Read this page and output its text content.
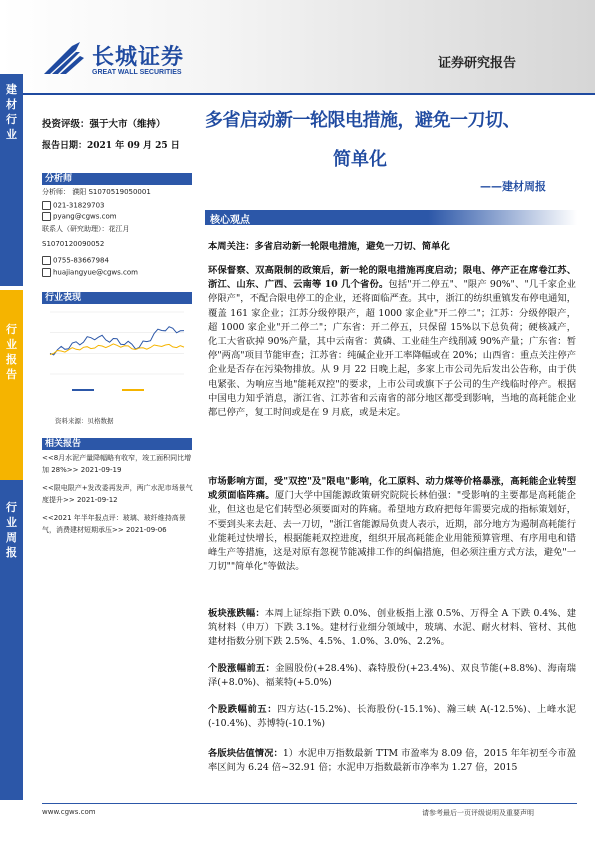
长城证券
GREAT WALL SECURITIES
证券研究报告
建材行业
行业报告
行业周报
投资评级：强于大市（维持）
报告日期：2021 年 09 月 25 日
分析师
分析师： 濮阳 S1070519050001
021-31829703
pyang@cgws.com
联系人（研究助理）：花江月
S1070120090052
0755-83667984
huajiangyue@cgws.com
行业表现
资料来源：贝格数据
相关报告
<<8月水泥产量降幅略有收窄，竣工面积同比增加 28%>> 2021-09-19
<<限电限产+发改委再发声，两广水泥市场景气度提升>> 2021-09-12
<<2021 年半年报点评：玻璃、玻纤维持高景气，消费建材短期承压>> 2021-09-06
多省启动新一轮限电措施，避免一刀切、
简单化
——建材周报
核心观点
本周关注：多省启动新一轮限电措施，避免一刀切、简单化
环保督察、双高限制的政策后，新一轮的限电措施再度启动；限电、停产正在席卷江苏、浙江、山东、广西、云南等 10 几个省份。包括"开二停五"、"限产 90%"、"几千家企业停限产"，不配合限电停工的企业，还将面临严查。其中，浙江的纺织重镇发布停电通知，覆盖 161 家企业；江苏分级停限产，超 1000 家企业"开二停二"；江苏：分级停限产，超 1000 家企业"开二停二"；广东省：开二停五，只保留 15%以下总负荷；硬核减产，化工大省砍掉 90%产量，其中云南省：黄磷、工业硅生产线削减 90%产量；广东省：暂停"两高"项目节能审查；江苏省：纯碱企业开工率降幅或在 20%；山西省：重点关注停产企业是否存在污染物排放。从 9 月 22 日晚上起，多家上市公司先后发出公告称，由于供电紧张、为响应当地"能耗双控"的要求，上市公司或旗下子公司的生产线临时停产。根据中国电力知乎消息，浙江省、江苏省和云南省的部分地区都受到影响，当地的高耗能企业都已停产，复工时间或是在 9 月底，或是未定。
市场影响方面，受"双控"及"限电"影响，化工原料、动力煤等价格暴涨，高耗能企业转型或须面临阵痛。厦门大学中国能源政策研究院院长林伯强："受影响的主要都是高耗能企业，但这也是它们转型必须要面对的阵痛。希望地方政府把每年需要完成的指标策划好，不要到头来去赶、去一刀切，"浙江省能源局负责人表示，近期，部分地方为遏制高耗能行业能耗过快增长，根据能耗双控进度，组织开展高耗能企业用能预算管理、有序用电和错峰生产等措施，这是对原有忽视节能减排工作的纠偏措施，但必须注重方式方法，避免"一刀切""简单化"等做法。
板块涨跌幅：本周上证综指下跌 0.0%、创业板指上涨 0.5%、万得全 A 下跌 0.4%、建筑材料（申万）下跌 3.1%。建材行业细分领域中，玻璃、水泥、耐火材料、管材、其他建材指数分别下跌 2.5%、4.5%、1.0%、3.0%、2.2%。
个股涨幅前五：金圆股份(+28.4%)、森特股份(+23.4%)、双良节能(+8.8%)、海南瑞泽(+8.0%)、福莱特(+5.0%)
个股跌幅前五：四方达(-15.2%)、长海股份(-15.1%)、瀚三峡 A(-12.5%)、上峰水泥(-10.4%)、苏博特(-10.1%)
各版块估值情况：1）水泥申万指数最新 TTM 市盈率为 8.09 倍，2015 年年初至今市盈率区间为 6.24 倍~32.91 倍；水泥申万指数最新市净率为 1.27 倍，2015
www.cgws.com	请参考最后一页评级说明及重要声明
